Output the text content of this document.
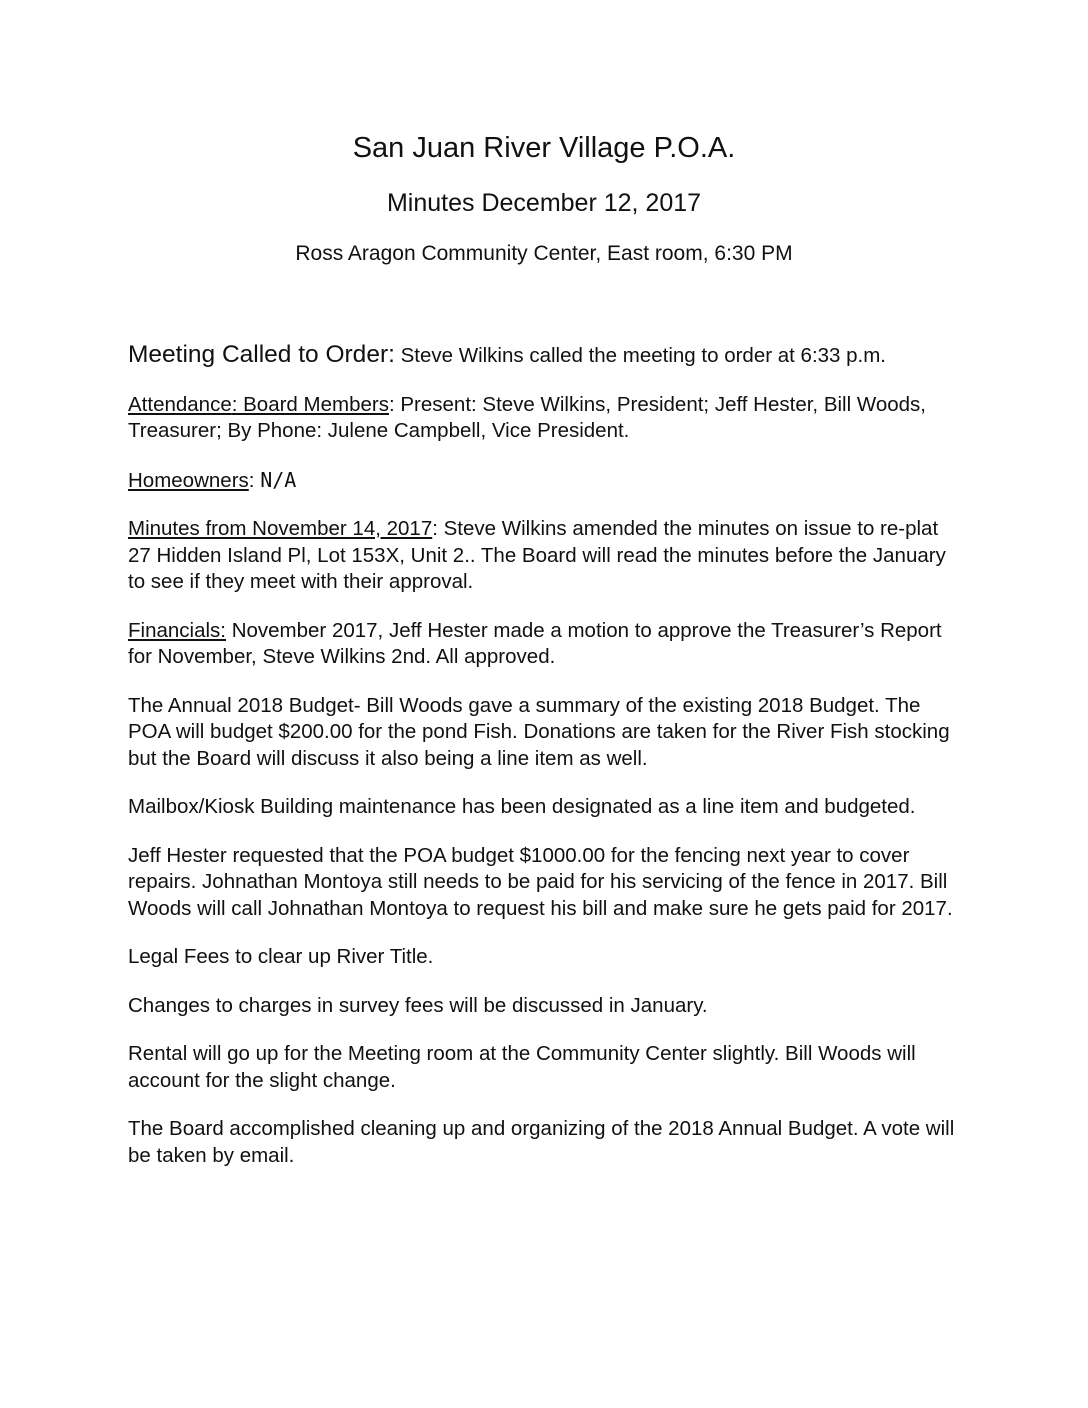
San Juan River Village P.O.A.
Minutes December 12, 2017
Ross Aragon Community Center, East room, 6:30 PM

Meeting Called to Order: Steve Wilkins called the meeting to order at 6:33 p.m.

Attendance: Board Members: Present: Steve Wilkins, President; Jeff Hester, Bill Woods, Treasurer; By Phone: Julene Campbell, Vice President.

Homeowners: N/A

Minutes from November 14, 2017: Steve Wilkins amended the minutes on issue to re-plat 27 Hidden Island Pl, Lot 153X, Unit 2.. The Board will read the minutes before the January to see if they meet with their approval.

Financials: November 2017, Jeff Hester made a motion to approve the Treasurer’s Report for November, Steve Wilkins 2nd. All approved.

The Annual 2018 Budget- Bill Woods gave a summary of the existing 2018 Budget. The POA will budget $200.00 for the pond Fish. Donations are taken for the River Fish stocking but the Board will discuss it also being a line item as well.

Mailbox/Kiosk Building maintenance has been designated as a line item and budgeted.

Jeff Hester requested that the POA budget $1000.00 for the fencing next year to cover repairs. Johnathan Montoya still needs to be paid for his servicing of the fence in 2017. Bill Woods will call Johnathan Montoya to request his bill and make sure he gets paid for 2017.

Legal Fees to clear up River Title.

Changes to charges in survey fees will be discussed in January.

Rental will go up for the Meeting room at the Community Center slightly. Bill Woods will account for the slight change.

The Board accomplished cleaning up and organizing of the 2018 Annual Budget. A vote will be taken by email.
